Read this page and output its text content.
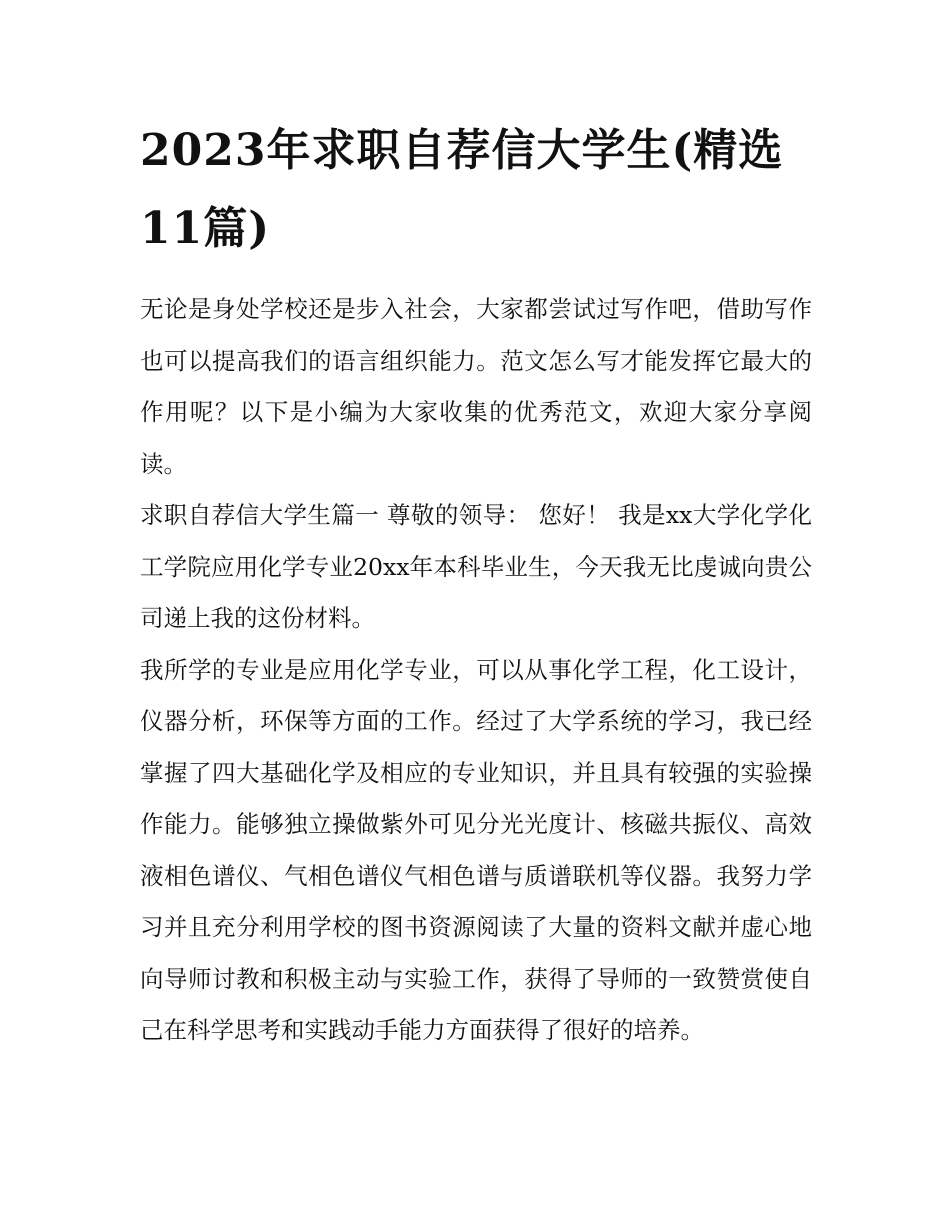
2023年求职自荐信大学生(精选11篇)

无论是身处学校还是步入社会，大家都尝试过写作吧，借助写作也可以提高我们的语言组织能力。范文怎么写才能发挥它最大的作用呢？以下是小编为大家收集的优秀范文，欢迎大家分享阅读。

求职自荐信大学生篇一 尊敬的领导： 您好！ 我是xx大学化学化工学院应用化学专业20xx年本科毕业生，今天我无比虔诚向贵公司递上我的这份材料。

我所学的专业是应用化学专业，可以从事化学工程，化工设计，仪器分析，环保等方面的工作。经过了大学系统的学习，我已经掌握了四大基础化学及相应的专业知识，并且具有较强的实验操作能力。能够独立操做紫外可见分光光度计、核磁共振仪、高效液相色谱仪、气相色谱仪气相色谱与质谱联机等仪器。我努力学习并且充分利用学校的图书资源阅读了大量的资料文献并虚心地向导师讨教和积极主动与实验工作，获得了导师的一致赞赏使自己在科学思考和实践动手能力方面获得了很好的培养。
